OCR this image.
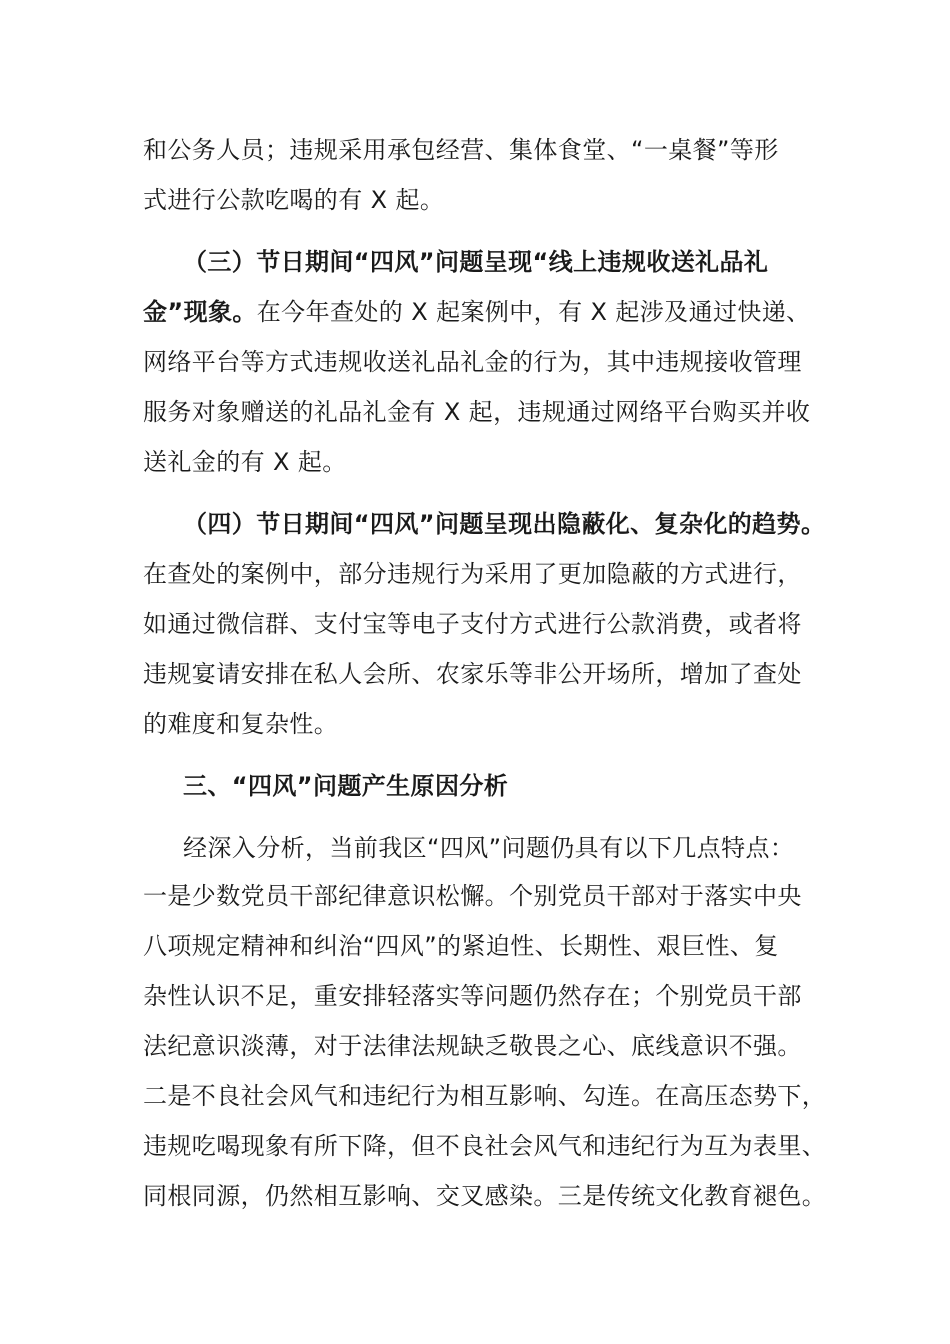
和公务人员；违规采用承包经营、集体食堂、“一桌餐”等形
式进行公款吃喝的有 X 起。
（三）节日期间“四风”问题呈现“线上违规收送礼品礼
金”现象。在今年查处的 X 起案例中，有 X 起涉及通过快递、
网络平台等方式违规收送礼品礼金的行为，其中违规接收管理
服务对象赠送的礼品礼金有 X 起，违规通过网络平台购买并收
送礼金的有 X 起。
（四）节日期间“四风”问题呈现出隐蔽化、复杂化的趋势。
在查处的案例中，部分违规行为采用了更加隐蔽的方式进行，
如通过微信群、支付宝等电子支付方式进行公款消费，或者将
违规宴请安排在私人会所、农家乐等非公开场所，增加了查处
的难度和复杂性。
三、“四风”问题产生原因分析
经深入分析，当前我区“四风”问题仍具有以下几点特点：
一是少数党员干部纪律意识松懈。个别党员干部对于落实中央
八项规定精神和纠治“四风”的紧迫性、长期性、艰巨性、复
杂性认识不足，重安排轻落实等问题仍然存在；个别党员干部
法纪意识淡薄，对于法律法规缺乏敬畏之心、底线意识不强。
二是不良社会风气和违纪行为相互影响、勾连。在高压态势下，
违规吃喝现象有所下降，但不良社会风气和违纪行为互为表里、
同根同源，仍然相互影响、交叉感染。三是传统文化教育褪色。
